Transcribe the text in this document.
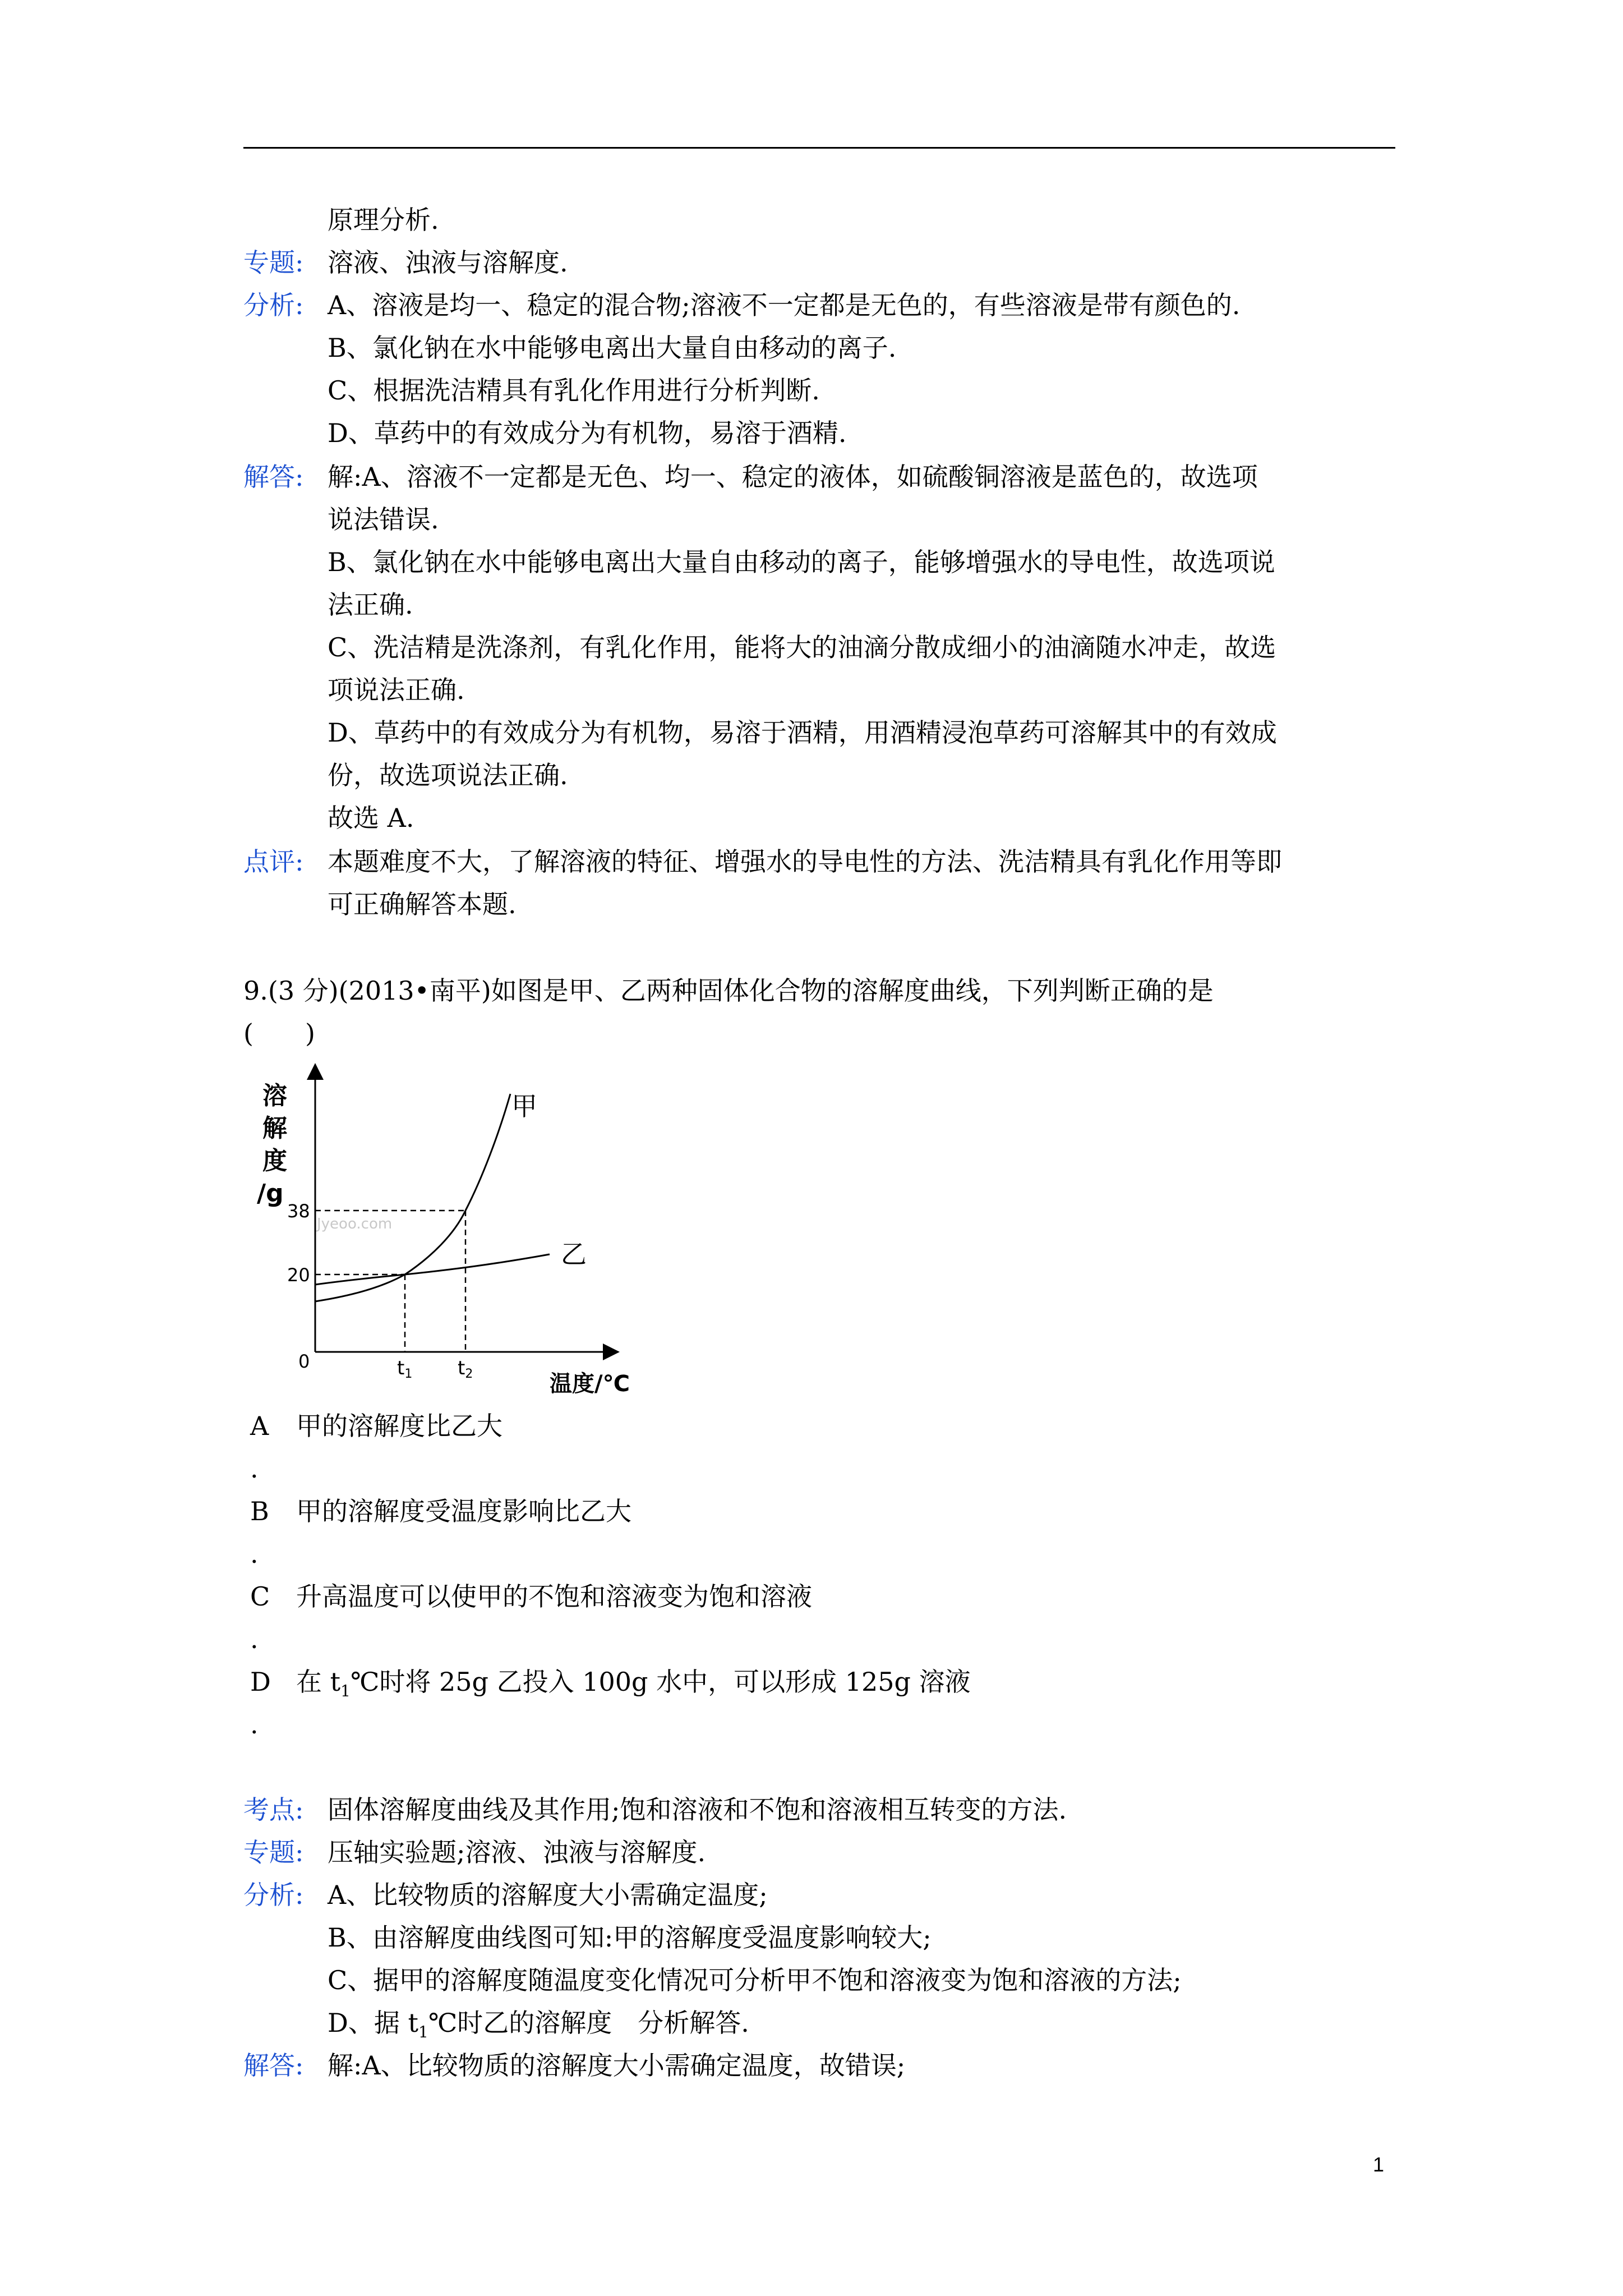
原理分析.
专题: 溶液、浊液与溶解度.
分析: A、溶液是均一、稳定的混合物;溶液不一定都是无色的，有些溶液是带有颜色的.
B、氯化钠在水中能够电离出大量自由移动的离子.
C、根据洗洁精具有乳化作用进行分析判断.
D、草药中的有效成分为有机物，易溶于酒精.
解答: 解:A、溶液不一定都是无色、均一、稳定的液体，如硫酸铜溶液是蓝色的，故选项
说法错误.
B、氯化钠在水中能够电离出大量自由移动的离子，能够增强水的导电性，故选项说
法正确.
C、洗洁精是洗涤剂，有乳化作用，能将大的油滴分散成细小的油滴随水冲走，故选
项说法正确.
D、草药中的有效成分为有机物，易溶于酒精，用酒精浸泡草药可溶解其中的有效成
份，故选项说法正确.
故选 A.
点评: 本题难度不大，了解溶液的特征、增强水的导电性的方法、洗洁精具有乳化作用等即
可正确解答本题.
9.(3 分)(2013•南平)如图是甲、乙两种固体化合物的溶解度曲线，下列判断正确的是
(　　)
溶
解
度
/g
Jyeoo.com
甲
乙
38
20
0	t1 t2	温度/℃
A 甲的溶解度比乙大
.
B 甲的溶解度受温度影响比乙大
.
C 升高温度可以使甲的不饱和溶液变为饱和溶液
.
D 在 $t_1℃$时将 25g 乙投入 100g 水中，可以形成 125g 溶液
.
考点: 固体溶解度曲线及其作用;饱和溶液和不饱和溶液相互转变的方法.
专题: 压轴实验题;溶液、浊液与溶解度.
分析: A、比较物质的溶解度大小需确定温度;
B、由溶解度曲线图可知:甲的溶解度受温度影响较大;
C、据甲的溶解度随温度变化情况可分析甲不饱和溶液变为饱和溶液的方法;
D、据 $t_1℃$时乙的溶解度　分析解答.
解答: 解:A、比较物质的溶解度大小需确定温度，故错误;
1
